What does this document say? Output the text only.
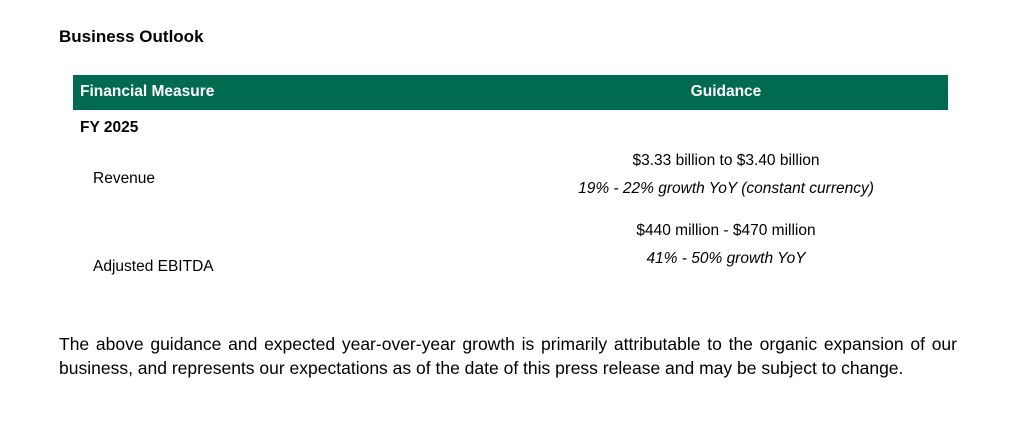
Business Outlook
Financial Measure	Guidance
FY 2025
Revenue
$3.33 billion to $3.40 billion
19% - 22% growth YoY (constant currency)
Adjusted EBITDA
$440 million - $470 million
41% - 50% growth YoY
The above guidance and expected year-over-year growth is primarily attributable to the organic expansion of our business, and represents our expectations as of the date of this press release and may be subject to change.
